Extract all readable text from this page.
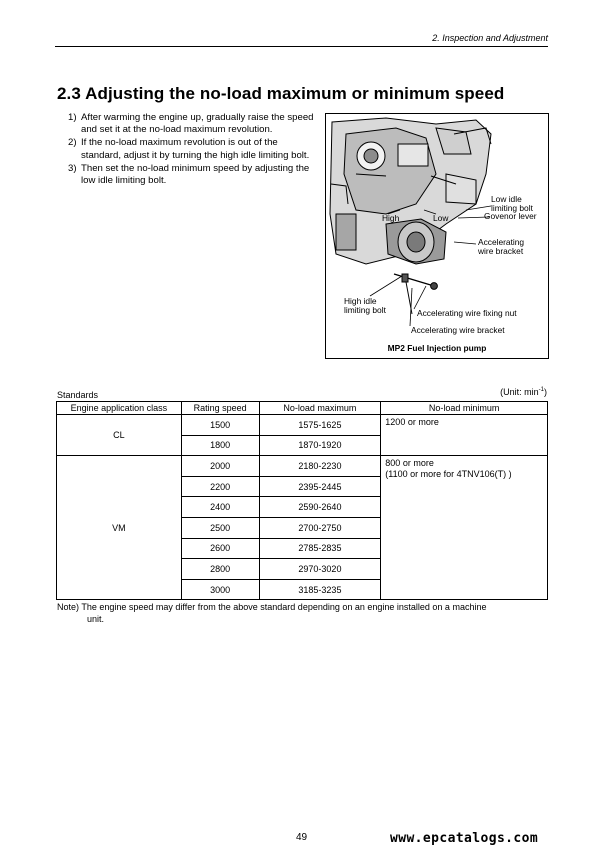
2. Inspection and Adjustment
2.3 Adjusting the no-load maximum or minimum speed
1) After warming the engine up, gradually raise the speed and set it at the no-load maximum revolution.
2) If the no-load maximum revolution is out of the standard, adjust it by turning the high idle limiting bolt.
3) Then set the no-load minimum speed by adjusting the low idle limiting bolt.
Low idle
limiting bolt
Govenor lever
High	Low
Accelerating
wire bracket
High idle
limiting bolt	Accelerating wire fixing nut
Accelerating wire bracket
MP2 Fuel Injection pump
Standards	(Unit: $\min^{-1}$)
Engine application class	Rating speed	No-load maximum	No-load minimum
CL	1500	1575-1625	1200 or more
	1800	1870-1920	
VM	2000	2180-2230	800 or more
(1100 or more for 4TNV106(T) )

	2200	2395-2445	
	2400	2590-2640	
	2500	2700-2750	
	2600	2785-2835	
	2800	2970-3020	
	3000	3185-3235	
Note) The engine speed may differ from the above standard depending on an engine installed on a machine
unit.
49	www.epcatalogs.com
